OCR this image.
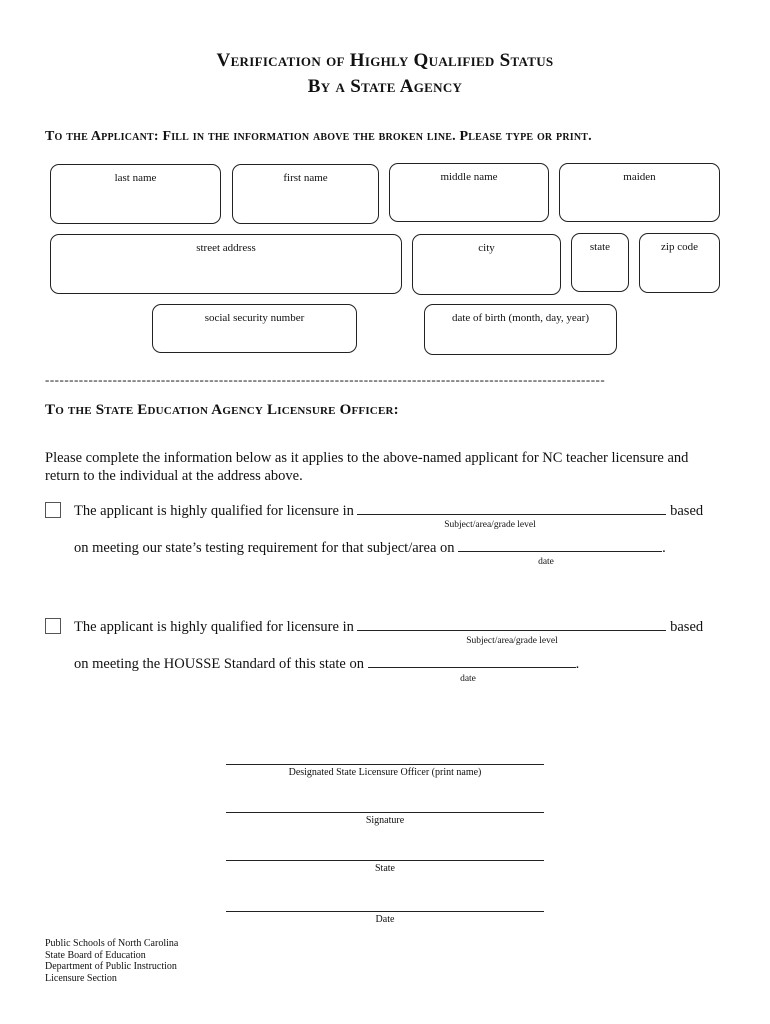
Verification of Highly Qualified Status
By a State Agency
To the Applicant: Fill in the information above the broken line. Please type or print.
last name	first name	middle name	maiden
street address	city	state	zip code
social security number	date of birth (month, day, year)
--------------------------------------------------------------------------------------------------------------------
To the State Education Agency Licensure Officer:
Please complete the information below as it applies to the above-named applicant for NC teacher licensure and return to the individual at the address above.
The applicant is highly qualified for licensure in	based
Subject/area/grade level
on meeting our state’s testing requirement for that subject/area on	.
date
The applicant is highly qualified for licensure in	based
Subject/area/grade level
on meeting the HOUSSE Standard of this state on	.
date
Designated State Licensure Officer (print name)
Signature
State
Date
Public Schools of North Carolina
State Board of Education
Department of Public Instruction
Licensure Section
